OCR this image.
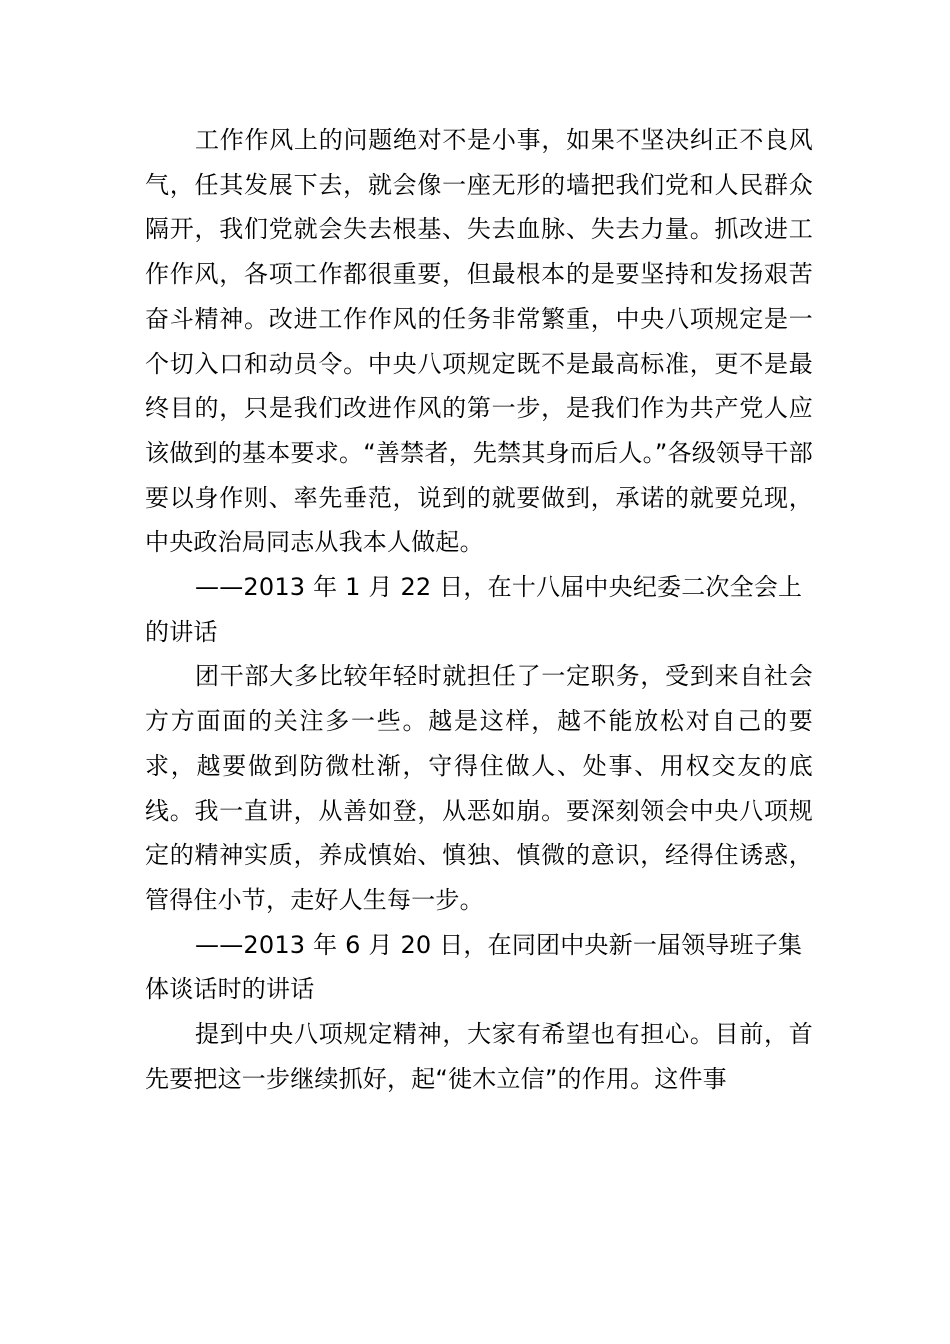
工作作风上的问题绝对不是小事，如果不坚决纠正不良风气，任其发展下去，就会像一座无形的墙把我们党和人民群众隔开，我们党就会失去根基、失去血脉、失去力量。抓改进工作作风，各项工作都很重要，但最根本的是要坚持和发扬艰苦奋斗精神。改进工作作风的任务非常繁重，中央八项规定是一个切入口和动员令。中央八项规定既不是最高标准，更不是最终目的，只是我们改进作风的第一步，是我们作为共产党人应该做到的基本要求。“善禁者，先禁其身而后人。”各级领导干部要以身作则、率先垂范，说到的就要做到，承诺的就要兑现，中央政治局同志从我本人做起。

——2013 年 1 月 22 日，在十八届中央纪委二次全会上的讲话

团干部大多比较年轻时就担任了一定职务，受到来自社会方方面面的关注多一些。越是这样，越不能放松对自己的要求，越要做到防微杜渐，守得住做人、处事、用权交友的底线。我一直讲，从善如登，从恶如崩。要深刻领会中央八项规定的精神实质，养成慎始、慎独、慎微的意识，经得住诱惑，管得住小节，走好人生每一步。

——2013 年 6 月 20 日，在同团中央新一届领导班子集体谈话时的讲话

提到中央八项规定精神，大家有希望也有担心。目前，首先要把这一步继续抓好，起“徙木立信”的作用。这件事
